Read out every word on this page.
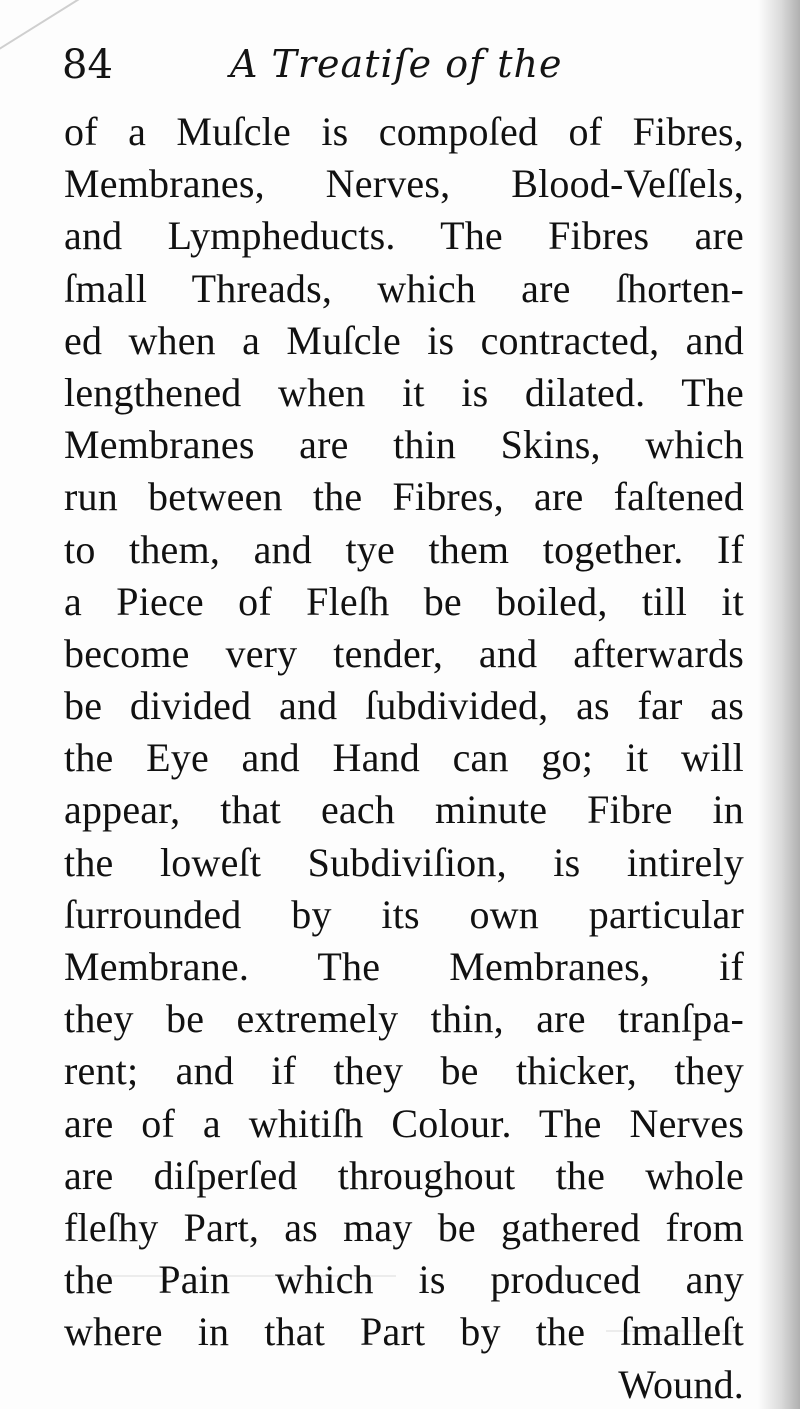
84	A Treatiſe of the
of a Muſcle is compoſed of Fibres,
Membranes, Nerves, Blood-Veſſels,
and Lympheducts. The Fibres are
ſmall Threads, which are ſhorten-
ed when a Muſcle is contracted, and
lengthened when it is dilated. The
Membranes are thin Skins, which
run between the Fibres, are faſtened
to them, and tye them together. If
a Piece of Fleſh be boiled, till it
become very tender, and afterwards
be divided and ſubdivided, as far as
the Eye and Hand can go; it will
appear, that each minute Fibre in
the loweſt Subdiviſion, is intirely
ſurrounded by its own particular
Membrane. The Membranes, if
they be extremely thin, are tranſpa-
rent; and if they be thicker, they
are of a whitiſh Colour. The Nerves
are diſperſed throughout the whole
fleſhy Part, as may be gathered from
the Pain which is produced any
where in that Part by the ſmalleſt
Wound.
